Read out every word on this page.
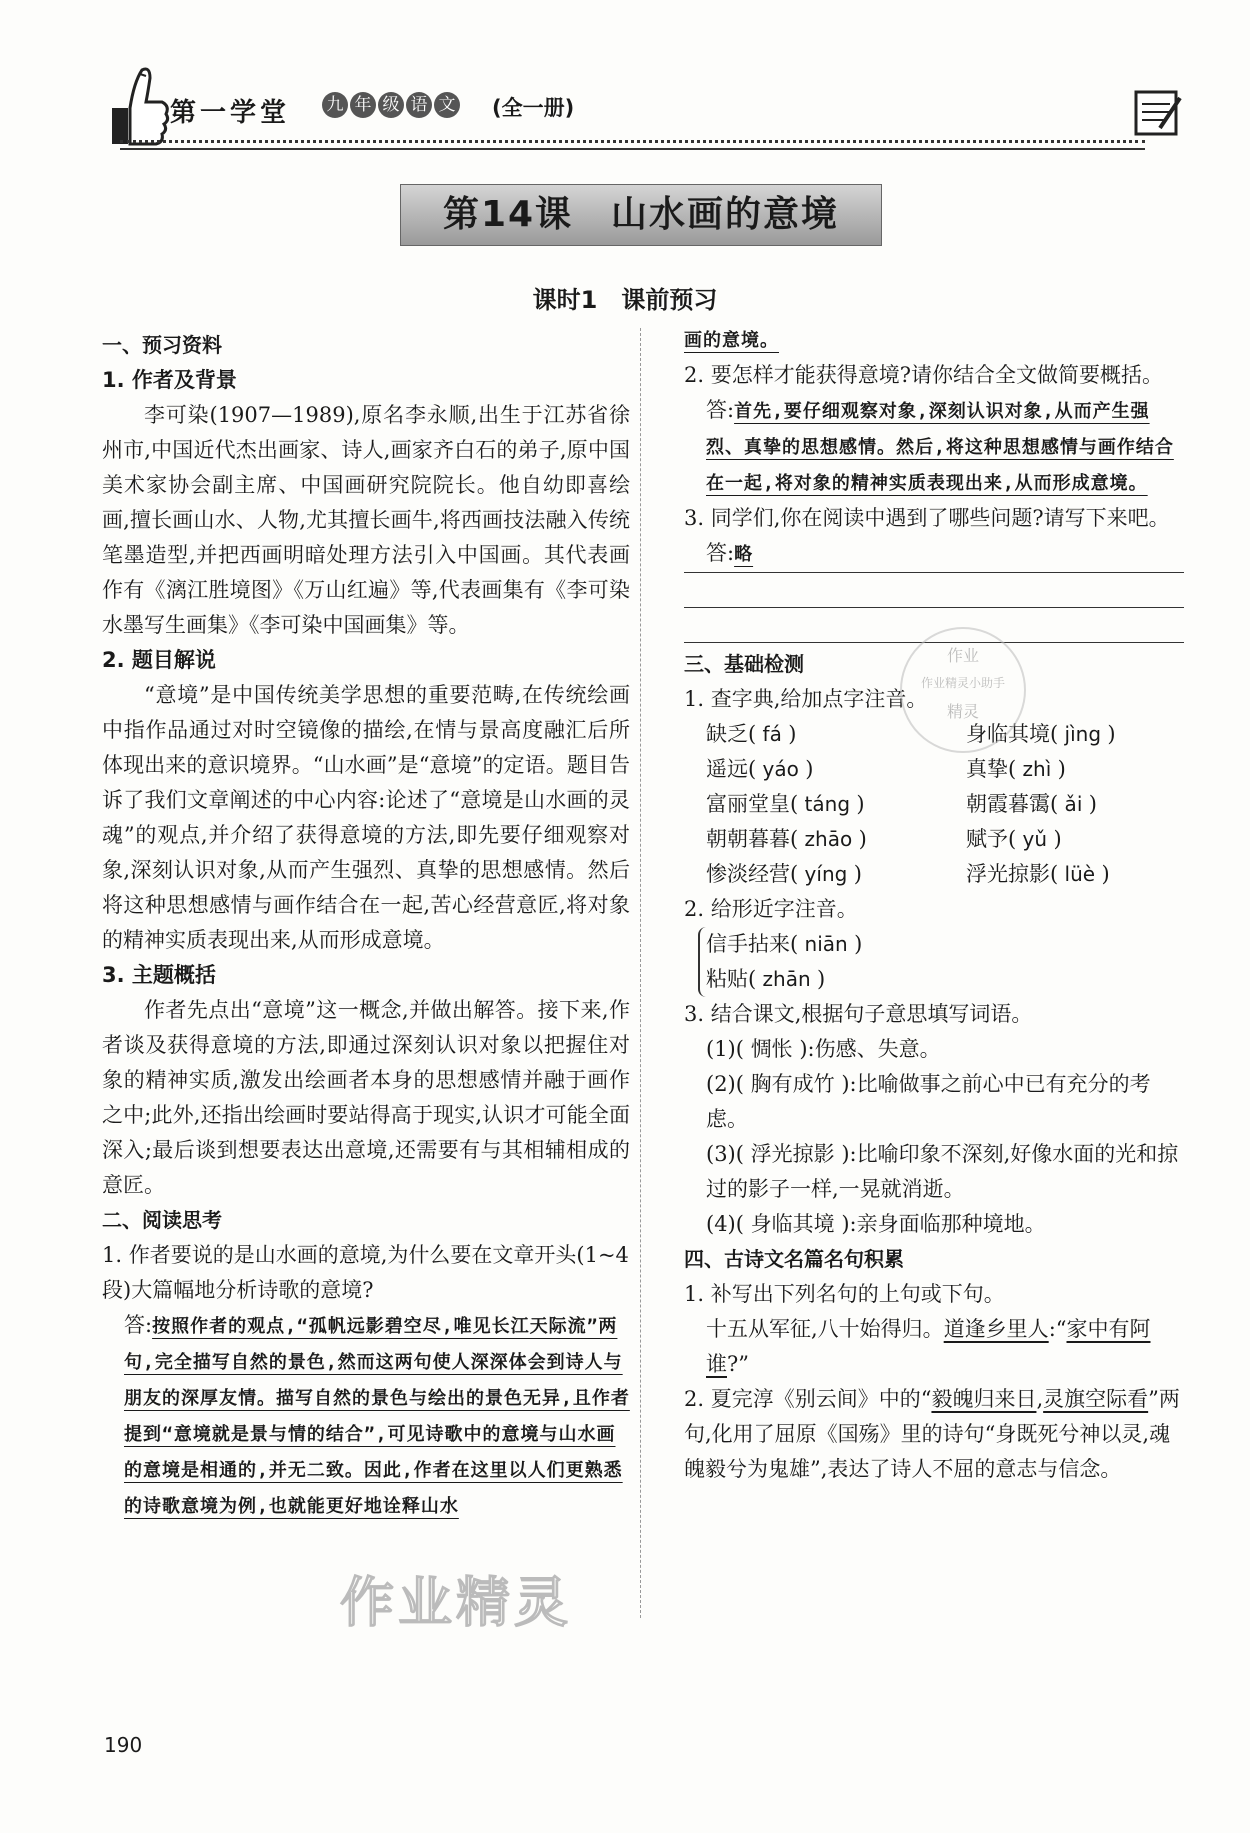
第一学堂 九 年 级 语 文 (全一册)
第14课　山水画的意境
课时1　课前预习
一、预习资料
1. 作者及背景
李可染(1907—1989),原名李永顺,出生于江苏省徐州市,中国近代杰出画家、诗人,画家齐白石的弟子,原中国美术家协会副主席、中国画研究院院长。他自幼即喜绘画,擅长画山水、人物,尤其擅长画牛,将西画技法融入传统笔墨造型,并把西画明暗处理方法引入中国画。其代表画作有《漓江胜境图》《万山红遍》等,代表画集有《李可染水墨写生画集》《李可染中国画集》等。
2. 题目解说
“意境”是中国传统美学思想的重要范畴,在传统绘画中指作品通过对时空镜像的描绘,在情与景高度融汇后所体现出来的意识境界。“山水画”是“意境”的定语。题目告诉了我们文章阐述的中心内容:论述了“意境是山水画的灵魂”的观点,并介绍了获得意境的方法,即先要仔细观察对象,深刻认识对象,从而产生强烈、真挚的思想感情。然后将这种思想感情与画作结合在一起,苦心经营意匠,将对象的精神实质表现出来,从而形成意境。
3. 主题概括
作者先点出“意境”这一概念,并做出解答。接下来,作者谈及获得意境的方法,即通过深刻认识对象以把握住对象的精神实质,激发出绘画者本身的思想感情并融于画作之中;此外,还指出绘画时要站得高于现实,认识才可能全面深入;最后谈到想要表达出意境,还需要有与其相辅相成的意匠。
二、阅读思考
1. 作者要说的是山水画的意境,为什么要在文章开头(1~4段)大篇幅地分析诗歌的意境?
答:按照作者的观点,“孤帆远影碧空尽,唯见长江天际流”两句,完全描写自然的景色,然而这两句使人深深体会到诗人与朋友的深厚友情。描写自然的景色与绘出的景色无异,且作者提到“意境就是景与情的结合”,可见诗歌中的意境与山水画的意境是相通的,并无二致。因此,作者在这里以人们更熟悉的诗歌意境为例,也就能更好地诠释山水
画的意境。
2. 要怎样才能获得意境?请你结合全文做简要概括。
答:首先,要仔细观察对象,深刻认识对象,从而产生强烈、真挚的思想感情。然后,将这种思想感情与画作结合在一起,将对象的精神实质表现出来,从而形成意境。
3. 同学们,你在阅读中遇到了哪些问题?请写下来吧。
答:略
三、基础检测
1. 查字典,给加点字注音。
缺乏( fá )	身临其境( jìng )
遥远( yáo )	真挚( zhì )
富丽堂皇( táng )	朝霞暮霭( ǎi )
朝朝暮暮( zhāo )	赋予( yǔ )
惨淡经营( yíng )	浮光掠影( lüè )
2. 给形近字注音。
信手拈来( niān )
粘贴( zhān )
3. 结合课文,根据句子意思填写词语。
(1)( 惆怅 ):伤感、失意。
(2)( 胸有成竹 ):比喻做事之前心中已有充分的考虑。
(3)( 浮光掠影 ):比喻印象不深刻,好像水面的光和掠过的影子一样,一晃就消逝。
(4)( 身临其境 ):亲身面临那种境地。
四、古诗文名篇名句积累
1. 补写出下列名句的上句或下句。
十五从军征,八十始得归。道逢乡里人:“家中有阿谁?”
2. 夏完淳《别云间》中的“毅魄归来日,灵旗空际看”两句,化用了屈原《国殇》里的诗句“身既死兮神以灵,魂魄毅兮为鬼雄”,表达了诗人不屈的意志与信念。
作业
作业精灵小助手
精灵
作业精灵
190
